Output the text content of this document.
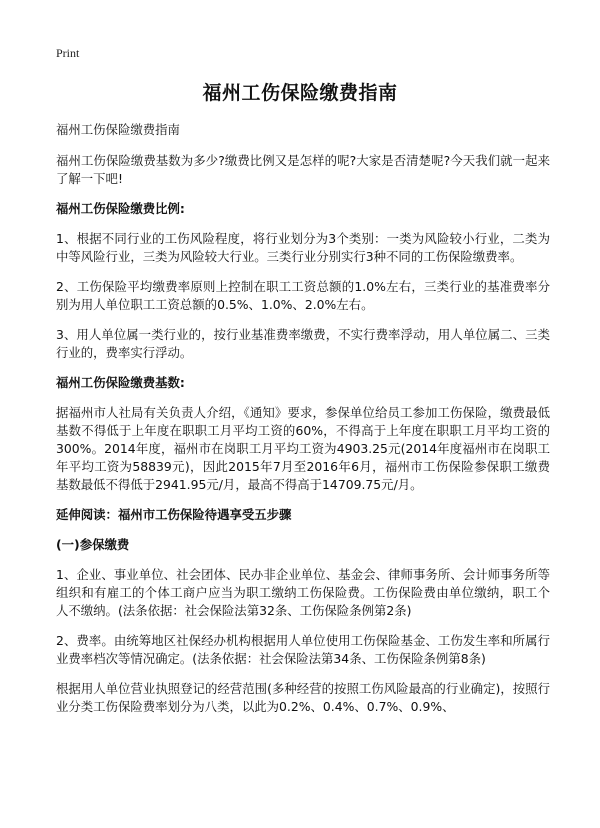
Print
福州工伤保险缴费指南

福州工伤保险缴费指南

福州工伤保险缴费基数为多少?缴费比例又是怎样的呢?大家是否清楚呢?今天我们就一起来了解一下吧!

福州工伤保险缴费比例:

1、根据不同行业的工伤风险程度，将行业划分为3个类别：一类为风险较小行业，二类为中等风险行业，三类为风险较大行业。三类行业分别实行3种不同的工伤保险缴费率。

2、工伤保险平均缴费率原则上控制在职工工资总额的1.0%左右，三类行业的基准费率分别为用人单位职工工资总额的0.5%、1.0%、2.0%左右。

3、用人单位属一类行业的，按行业基准费率缴费，不实行费率浮动，用人单位属二、三类行业的，费率实行浮动。

福州工伤保险缴费基数:

据福州市人社局有关负责人介绍，《通知》要求，参保单位给员工参加工伤保险，缴费最低基数不得低于上年度在职职工月平均工资的60%，不得高于上年度在职职工月平均工资的300%。2014年度，福州市在岗职工月平均工资为4903.25元(2014年度福州市在岗职工年平均工资为58839元)，因此2015年7月至2016年6月，福州市工伤保险参保职工缴费基数最低不得低于2941.95元/月，最高不得高于14709.75元/月。

延伸阅读：福州市工伤保险待遇享受五步骤
(一)参保缴费

1、企业、事业单位、社会团体、民办非企业单位、基金会、律师事务所、会计师事务所等组织和有雇工的个体工商户应当为职工缴纳工伤保险费。工伤保险费由单位缴纳，职工个人不缴纳。(法条依据：社会保险法第32条、工伤保险条例第2条)

2、费率。由统筹地区社保经办机构根据用人单位使用工伤保险基金、工伤发生率和所属行业费率档次等情况确定。(法条依据：社会保险法第34条、工伤保险条例第8条)

根据用人单位营业执照登记的经营范围(多种经营的按照工伤风险最高的行业确定)，按照行业分类工伤保险费率划分为八类，以此为0.2%、0.4%、0.7%、0.9%、
